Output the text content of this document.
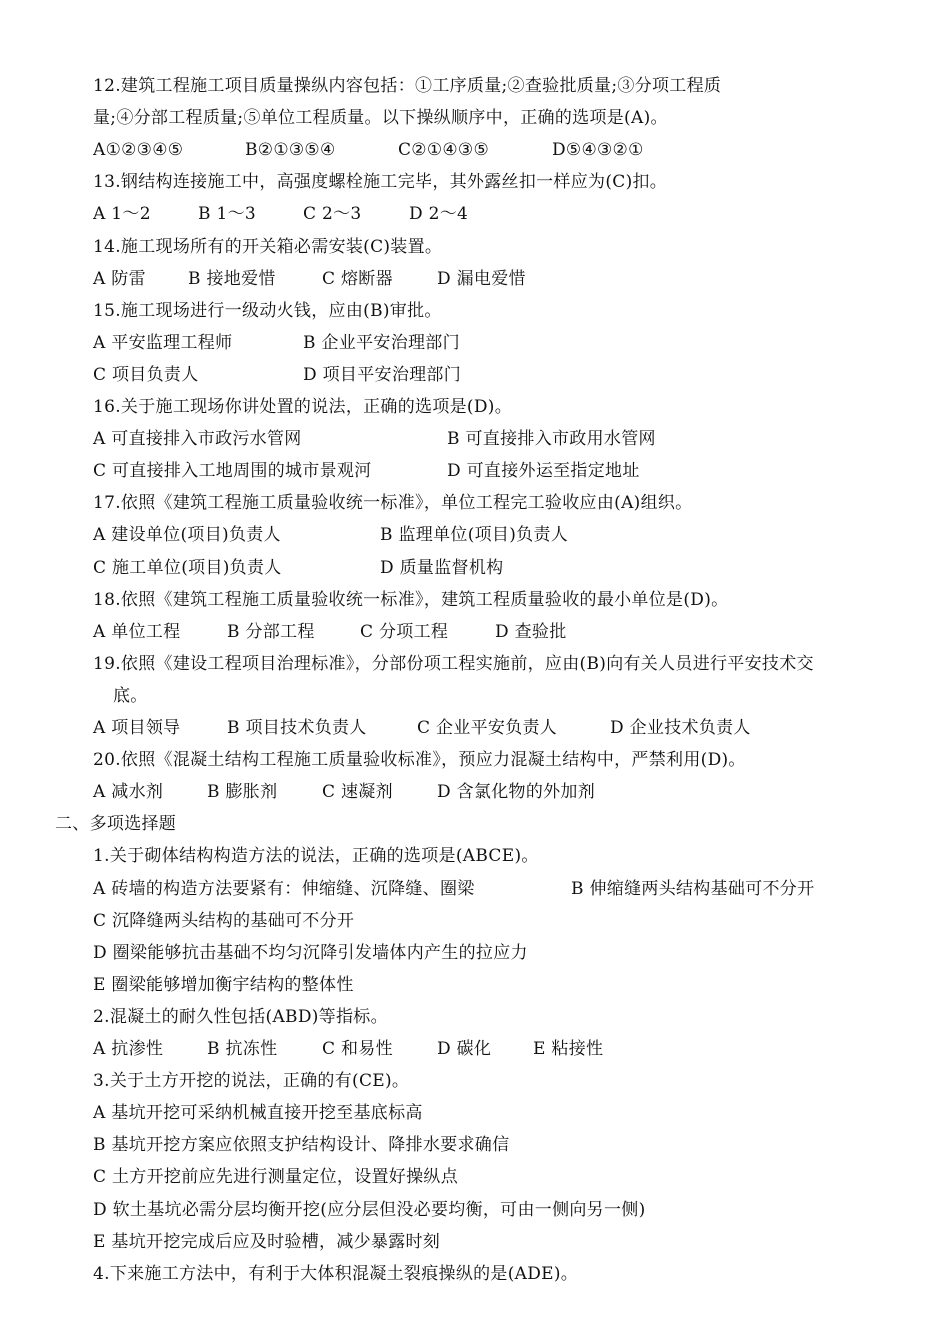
12.建筑工程施工项目质量操纵内容包括：①工序质量;②查验批质量;③分项工程质
量;④分部工程质量;⑤单位工程质量。以下操纵顺序中，正确的选项是(A)。
A①②③④⑤	B②①③⑤④	C②①④③⑤	D⑤④③②①
13.钢结构连接施工中，高强度螺栓施工完毕，其外露丝扣一样应为(C)扣。
A 1～2	B 1～3	C 2～3	D 2～4
14.施工现场所有的开关箱必需安装(C)装置。
A 防雷 B 接地爱惜	C 熔断器	D 漏电爱惜
15.施工现场进行一级动火钱，应由(B)审批。
A 平安监理工程师	B 企业平安治理部门
C 项目负责人	D 项目平安治理部门
16.关于施工现场你讲处置的说法，正确的选项是(D)。
A 可直接排入市政污水管网	B 可直接排入市政用水管网
C 可直接排入工地周围的城市景观河	D 可直接外运至指定地址
17.依照《建筑工程施工质量验收统一标准》，单位工程完工验收应由(A)组织。
A 建设单位(项目)负责人	B 监理单位(项目)负责人
C 施工单位(项目)负责人	D 质量监督机构
18.依照《建筑工程施工质量验收统一标准》，建筑工程质量验收的最小单位是(D)。
A 单位工程	B 分部工程	C 分项工程	D 查验批
19.依照《建设工程项目治理标准》，分部份项工程实施前，应由(B)向有关人员进行平安技术交
底。
A 项目领导	B 项目技术负责人	C 企业平安负责人	D 企业技术负责人
20.依照《混凝土结构工程施工质量验收标准》，预应力混凝土结构中，严禁利用(D)。
A 减水剂	B 膨胀剂	C 速凝剂	D 含氯化物的外加剂
二、多项选择题
1.关于砌体结构构造方法的说法，正确的选项是(ABCE)。
A 砖墙的构造方法要紧有：伸缩缝、沉降缝、圈梁	B 伸缩缝两头结构基础可不分开
C 沉降缝两头结构的基础可不分开
D 圈梁能够抗击基础不均匀沉降引发墙体内产生的拉应力
E 圈梁能够增加衡宇结构的整体性
2.混凝土的耐久性包括(ABD)等指标。
A 抗渗性	B 抗冻性	C 和易性	D 碳化 E 粘接性
3.关于土方开挖的说法，正确的有(CE)。
A 基坑开挖可采纳机械直接开挖至基底标高
B 基坑开挖方案应依照支护结构设计、降排水要求确信
C 土方开挖前应先进行测量定位，设置好操纵点
D 软土基坑必需分层均衡开挖(应分层但没必要均衡，可由一侧向另一侧)
E 基坑开挖完成后应及时验槽，减少暴露时刻
4.下来施工方法中，有利于大体积混凝土裂痕操纵的是(ADE)。
